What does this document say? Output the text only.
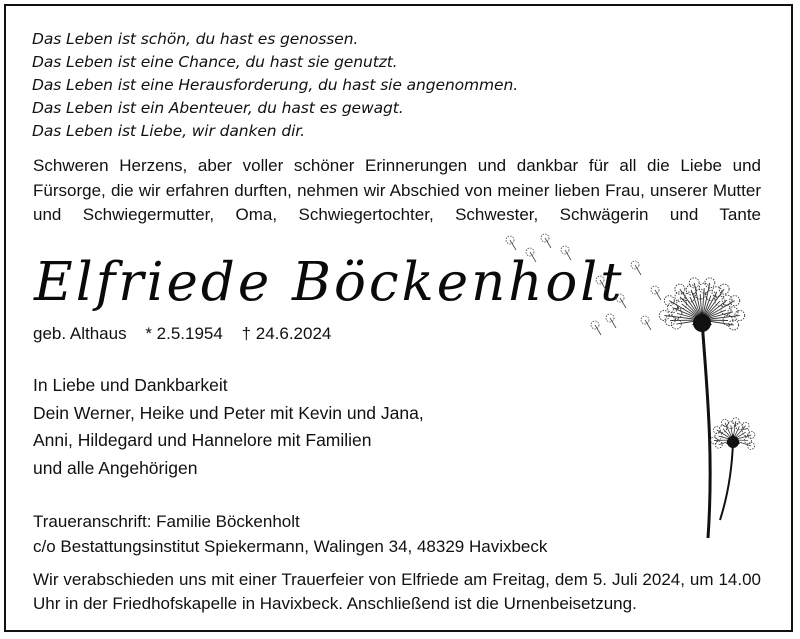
Das Leben ist schön, du hast es genossen.
Das Leben ist eine Chance, du hast sie genutzt.
Das Leben ist eine Herausforderung, du hast sie angenommen.
Das Leben ist ein Abenteuer, du hast es gewagt.
Das Leben ist Liebe, wir danken dir.
Schweren Herzens, aber voller schöner Erinnerungen und dankbar für all die Liebe und Fürsorge, die wir erfahren durften, nehmen wir Abschied von meiner lieben Frau, unserer Mutter und Schwiegermutter, Oma, Schwiegertochter, Schwester, Schwägerin und Tante
Elfriede Böckenholt
geb. Althaus * 2.5.1954 † 24.6.2024
In Liebe und Dankbarkeit
Dein Werner, Heike und Peter mit Kevin und Jana,
Anni, Hildegard und Hannelore mit Familien
und alle Angehörigen
Traueranschrift: Familie Böckenholt
c/o Bestattungsinstitut Spiekermann, Walingen 34, 48329 Havixbeck
Wir verabschieden uns mit einer Trauerfeier von Elfriede am Freitag, dem 5. Juli 2024, um 14.00 Uhr in der Friedhofskapelle in Havixbeck. Anschließend ist die Urnenbeisetzung.
